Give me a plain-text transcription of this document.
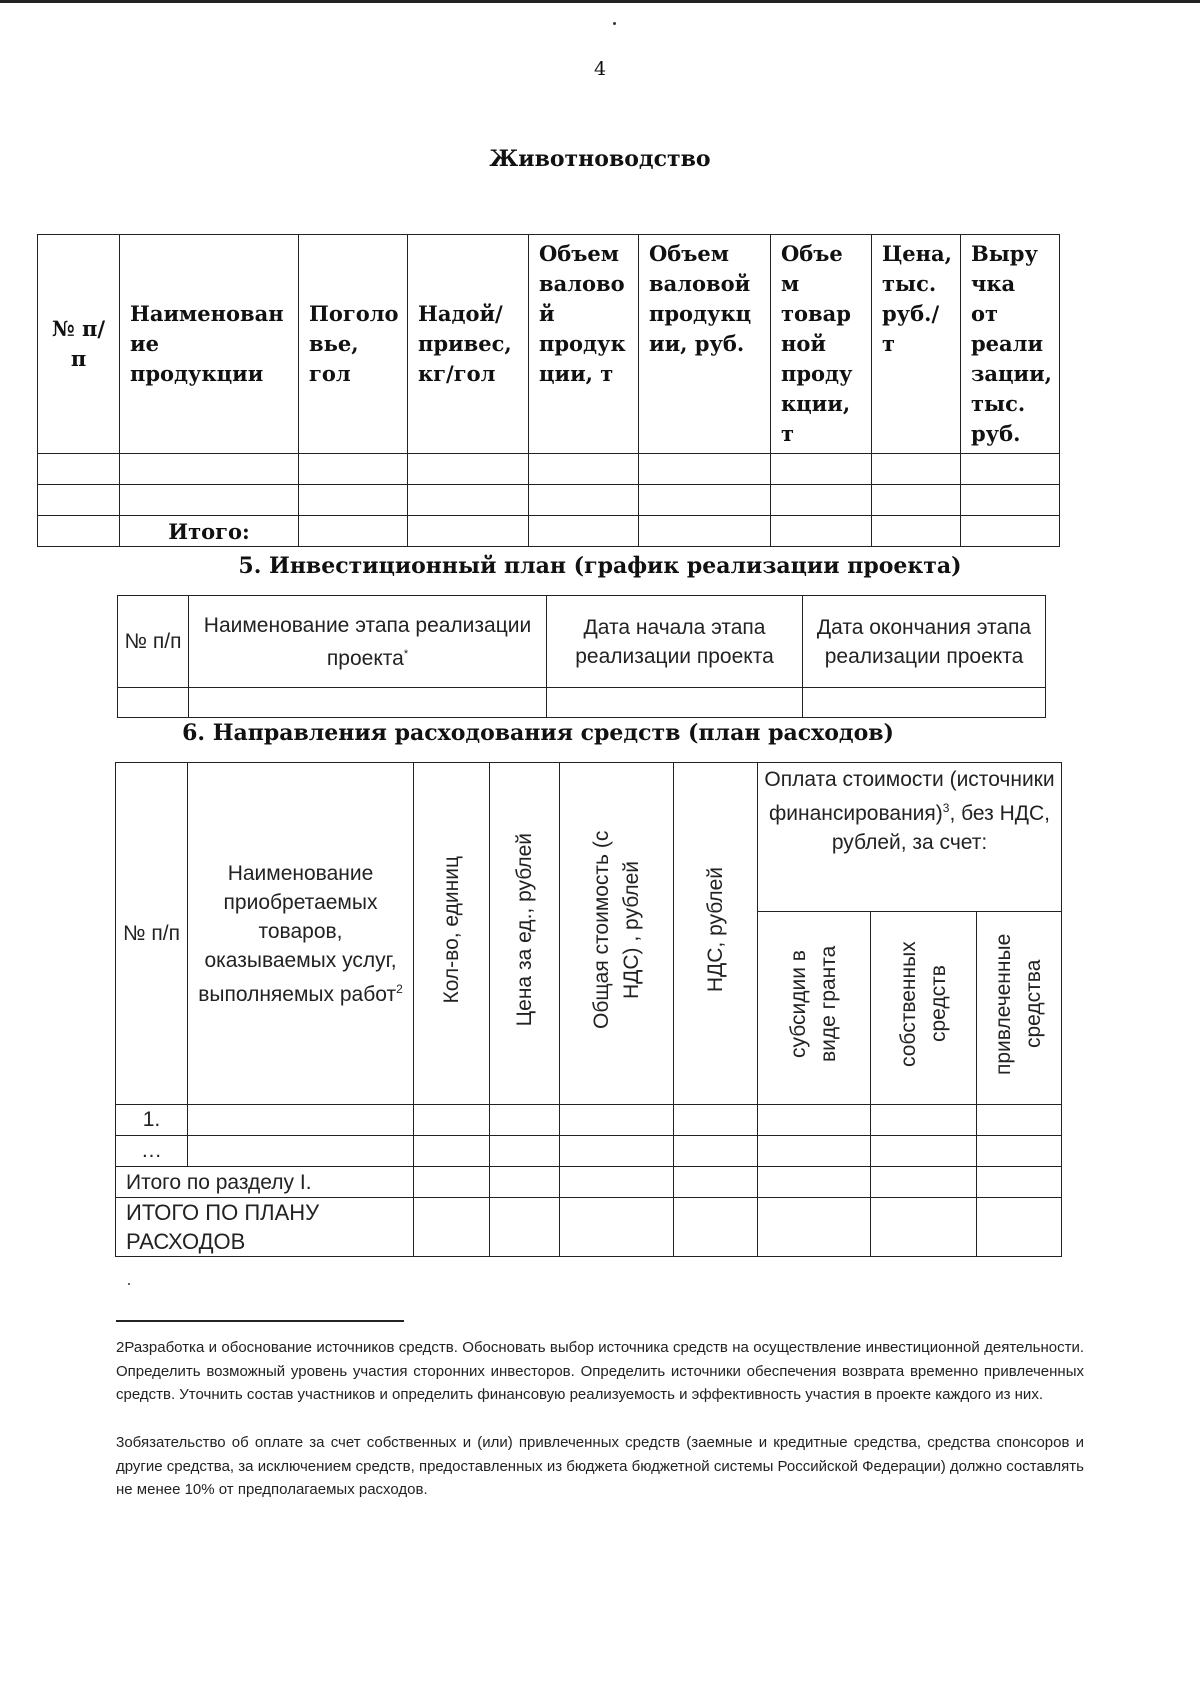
4
Животноводство
№ п/п	Наименован ие продукции	Поголо вье, гол	Надой/ привес, кг/гол	Объем валово й продук ции, т	Объем валовой продукц ии, руб.	Объе м товар ной проду кции, т	Цена, тыс. руб./т	Выру чка от реали зации, тыс. руб.

	Итого:							
5. Инвестиционный план (график реализации проекта)
№ п/п	Наименование этапа реализации проекта*	Дата начала этапа реализации проекта	Дата окончания этапа реализации проекта

6. Направления расходования средств (план расходов)
№ п/п	Наименование приобретаемых товаров, оказываемых услуг, выполняемых работ$^2$	Кол-во, единиц	Цена за ед., рублей	Общая стоимость (с НДС) , рублей	НДС, рублей	Оплата стоимости (источники финансирования)$^3$, без НДС, рублей, за счет:		
						субсидии в виде гранта	собственных средств	привлеченные средства
1.								
…								
Итого по разделу I.								
ИТОГО ПО ПЛАНУ РАСХОДОВ								
2Разработка и обоснование источников средств. Обосновать выбор источника средств на осуществление инвестиционной деятельности. Определить возможный уровень участия сторонних инвесторов. Определить источники обеспечения возврата временно привлеченных средств. Уточнить состав участников и определить финансовую реализуемость и эффективность участия в проекте каждого из них.
3обязательство об оплате за счет собственных и (или) привлеченных средств (заемные и кредитные средства, средства спонсоров и другие средства, за исключением средств, предоставленных из бюджета бюджетной системы Российской Федерации) должно составлять не менее 10% от предполагаемых расходов.
